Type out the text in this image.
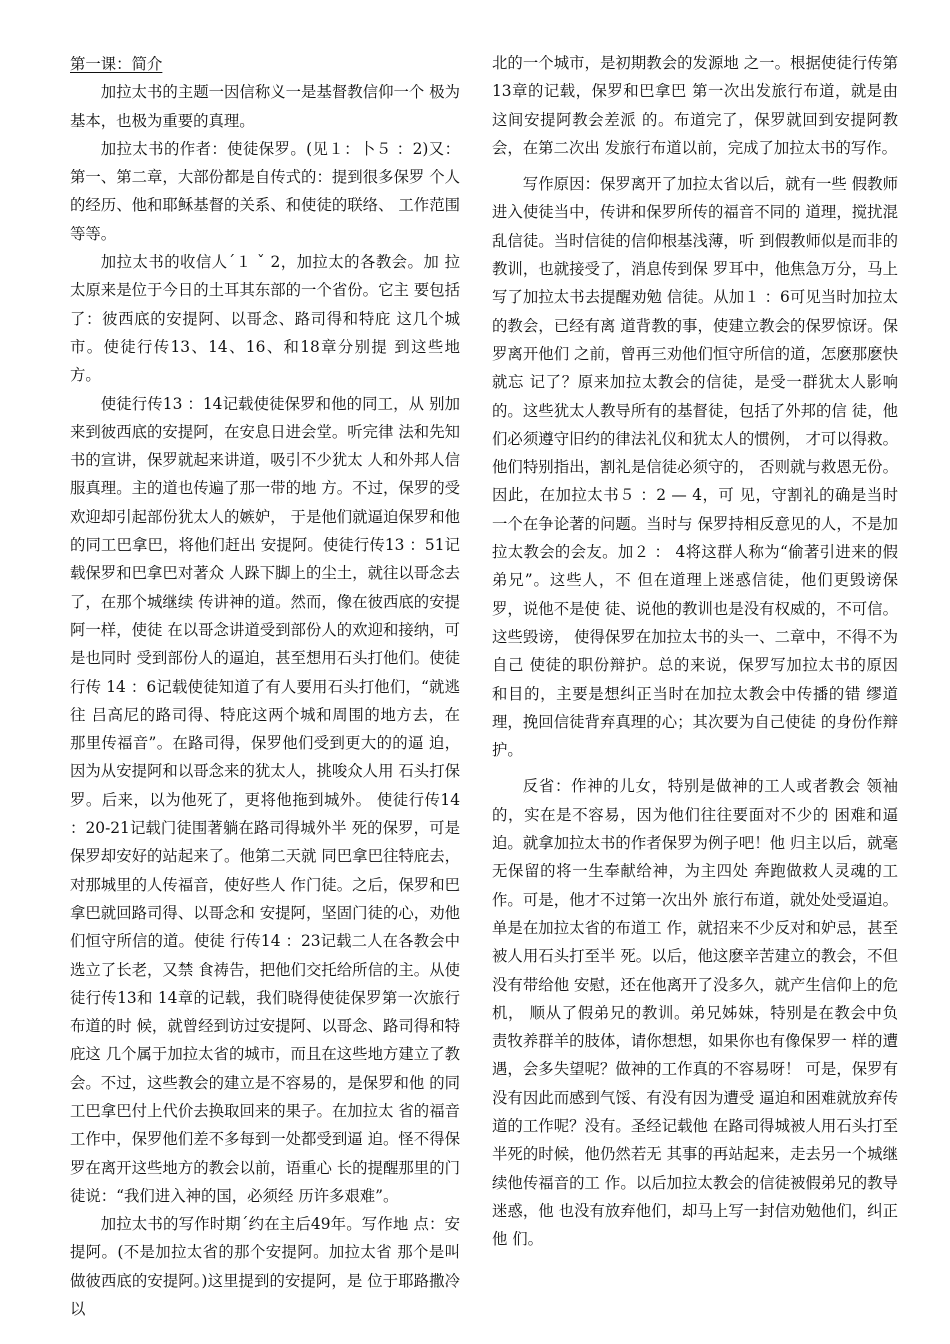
第一课：简介

加拉太书的主题一因信称义一是基督教信仰一个 极为基本，也极为重要的真理。

加拉太书的作者：使徒保罗。(见１：卜５ ：2)又： 第一、第二章，大部份都是自传式的：提到很多保罗 个人的经历、他和耶稣基督的关系、和使徒的联络、 工作范围等等。

加拉太书的收信人ˊ１ ˇ 2，加拉太的各教会。加 拉太原来是位于今日的土耳其东部的一个省份。它主 要包括了：彼西底的安提阿、以哥念、路司得和特庇 这几个城市。使徒行传13、14、16、和18章分别提 到这些地方。

使徒行传13 ：14记载使徒保罗和他的同工，从 别加来到彼西底的安提阿，在安息日进会堂。听完律 法和先知书的宣讲，保罗就起来讲道，吸引不少犹太 人和外邦人信服真理。主的道也传遍了那一带的地 方。不过，保罗的受欢迎却引起部份犹太人的嫉妒， 于是他们就逼迫保罗和他的同工巴拿巴，将他们赶出 安提阿。使徒行传13 ：51记载保罗和巴拿巴对著众 人跺下脚上的尘土，就往以哥念去了，在那个城继续 传讲神的道。然而，像在彼西底的安提阿一样，使徒 在以哥念讲道受到部份人的欢迎和接纳，可是也同时 受到部份人的逼迫，甚至想用石头打他们。使徒行传 14 ：6记载使徒知道了有人要用石头打他们，“就逃往 吕高尼的路司得、特庇这两个城和周围的地方去，在 那里传福音”。在路司得，保罗他们受到更大的的逼 迫，因为从安提阿和以哥念来的犹太人，挑唆众人用 石头打保罗。后来，以为他死了，更将他拖到城外。 使徒行传14 ：20-21记载门徒围著躺在路司得城外半 死的保罗，可是保罗却安好的站起来了。他第二天就 同巴拿巴往特庇去，对那城里的人传福音，使好些人 作门徒。之后，保罗和巴拿巴就回路司得、以哥念和 安提阿，坚固门徒的心，劝他们恒守所信的道。使徒 行传14 ：23记载二人在各教会中选立了长老，又禁 食祷告，把他们交托给所信的主。从使徒行传13和 14章的记载，我们晓得使徒保罗第一次旅行布道的时 候，就曾经到访过安提阿、以哥念、路司得和特庇这 几个属于加拉太省的城市，而且在这些地方建立了教 会。不过，这些教会的建立是不容易的，是保罗和他 的同工巴拿巴付上代价去换取回来的果子。在加拉太 省的福音工作中，保罗他们差不多每到一处都受到逼 迫。怪不得保罗在离开这些地方的教会以前，语重心 长的提醒那里的门徒说：“我们进入神的国，必须经 历许多艰难”。

加拉太书的写作时期ˊ约在主后49年。写作地 点：安提阿。(不是加拉太省的那个安提阿。加拉太省 那个是叫做彼西底的安提阿。)这里提到的安提阿，是 位于耶路撒冷以

北的一个城市，是初期教会的发源地 之一。根据使徒行传第13章的记载，保罗和巴拿巴 第一次出发旅行布道，就是由这间安提阿教会差派 的。布道完了，保罗就回到安提阿教会，在第二次出 发旅行布道以前，完成了加拉太书的写作。

写作原因：保罗离开了加拉太省以后，就有一些 假教师进入使徒当中，传讲和保罗所传的福音不同的 道理，搅扰混乱信徒。当时信徒的信仰根基浅薄，听 到假教师似是而非的教训，也就接受了，消息传到保 罗耳中，他焦急万分，马上写了加拉太书去提醒劝勉 信徒。从加１ ：6可见当时加拉太的教会，已经有离 道背教的事，使建立教会的保罗惊讶。保罗离开他们 之前，曾再三劝他们恒守所信的道，怎麽那麽快就忘 记了？原来加拉太教会的信徒，是受一群犹太人影响 的。这些犹太人教导所有的基督徒，包括了外邦的信 徒，他们必须遵守旧约的律法礼仪和犹太人的惯例， 才可以得救。他们特别指出，割礼是信徒必须守的， 否则就与救恩无份。因此，在加拉太书５ ：2 — 4，可 见，守割礼的确是当时一个在争论著的问题。当时与 保罗持相反意见的人，不是加拉太教会的会友。加２ ： 4将这群人称为“偷著引进来的假弟兄”。这些人，不 但在道理上迷惑信徒，他们更毁谤保罗，说他不是使 徒、说他的教训也是没有权威的，不可信。这些毁谤， 使得保罗在加拉太书的头一、二章中，不得不为自己 使徒的职份辩护。总的来说，保罗写加拉太书的原因 和目的，主要是想纠正当时在加拉太教会中传播的错 缪道理，挽回信徒背弃真理的心；其次要为自己使徒 的身份作辩护。

反省：作神的儿女，特别是做神的工人或者教会 领袖的，实在是不容易，因为他们往往要面对不少的 困难和逼迫。就拿加拉太书的作者保罗为例子吧！他 归主以后，就毫无保留的将一生奉献给神，为主四处 奔跑做救人灵魂的工作。可是，他才不过第一次出外 旅行布道，就处处受逼迫。单是在加拉太省的布道工 作，就招来不少反对和妒忌，甚至被人用石头打至半 死。以后，他这麽辛苦建立的教会，不但没有带给他 安慰，还在他离开了没多久，就产生信仰上的危机， 顺从了假弟兄的教训。弟兄姊妹，特别是在教会中负 责牧养群羊的肢体，请你想想，如果你也有像保罗一 样的遭遇，会多失望呢？做神的工作真的不容易呀！ 可是，保罗有没有因此而感到气馁、有没有因为遭受 逼迫和困难就放弃传道的工作呢？没有。圣经记载他 在路司得城被人用石头打至半死的时候，他仍然若无 其事的再站起来，走去另一个城继续他传福音的工 作。以后加拉太教会的信徒被假弟兄的教导迷惑，他 也没有放弃他们，却马上写一封信劝勉他们，纠正他 们。
